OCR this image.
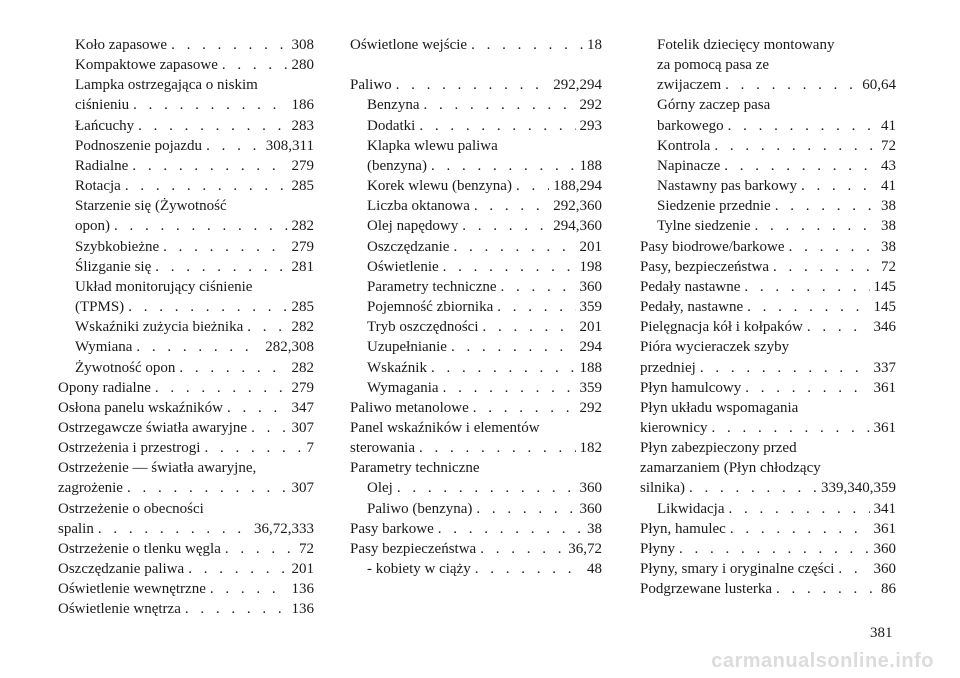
Koło zapasowe . . .	308
Kompaktowe zapasowe . . .	280
Lampka ostrzegająca o niskim
ciśnieniu . . .	186
Łańcuchy . . .	283
Podnoszenie pojazdu . . .	308,311
Radialne . . .	279
Rotacja . . .	285
Starzenie się (Żywotność
opon) . . .	282
Szybkobieżne . . .	279
Ślizganie się . . .	281
Układ monitorujący ciśnienie
(TPMS) . . .	285
Wskaźniki zużycia bieżnika . . .	282
Wymiana . . .	282,308
Żywotność opon . . .	282
Opony radialne . . .	279
Osłona panelu wskaźników . . .	347
Ostrzegawcze światła awaryjne . . .	307
Ostrzeżenia i przestrogi . . .	7
Ostrzeżenie — światła awaryjne,
zagrożenie . . .	307
Ostrzeżenie o obecności
spalin . . .	36,72,333
Ostrzeżenie o tlenku węgla . . .	72
Oszczędzanie paliwa . . .	201
Oświetlenie wewnętrzne . . .	136
Oświetlenie wnętrza . . .	136
Oświetlone wejście . . .	18

Paliwo . . .	292,294
Benzyna . . .	292
Dodatki . . .	293
Klapka wlewu paliwa
(benzyna) . . .	188
Korek wlewu (benzyna) . . .	188,294
Liczba oktanowa . . .	292,360
Olej napędowy . . .	294,360
Oszczędzanie . . .	201
Oświetlenie . . .	198
Parametry techniczne . . .	360
Pojemność zbiornika . . .	359
Tryb oszczędności . . .	201
Uzupełnianie . . .	294
Wskaźnik . . .	188
Wymagania . . .	359
Paliwo metanolowe . . .	292
Panel wskaźników i elementów
sterowania . . .	182
Parametry techniczne
Olej . . .	360
Paliwo (benzyna) . . .	360
Pasy barkowe . . .	38
Pasy bezpieczeństwa . . .	36,72
- kobiety w ciąży . . .	48
Fotelik dziecięcy montowany
za pomocą pasa ze
zwijaczem . . .	60,64
Górny zaczep pasa
barkowego . . .	41
Kontrola . . .	72
Napinacze . . .	43
Nastawny pas barkowy . . .	41
Siedzenie przednie . . .	38
Tylne siedzenie . . .	38
Pasy biodrowe/barkowe . . .	38
Pasy, bezpieczeństwa . . .	72
Pedały nastawne . . .	145
Pedały, nastawne . . .	145
Pielęgnacja kół i kołpaków . . .	346
Pióra wycieraczek szyby
przedniej . . .	337
Płyn hamulcowy . . .	361
Płyn układu wspomagania
kierownicy . . .	361
Płyn zabezpieczony przed
zamarzaniem (Płyn chłodzący
silnika) . . .	339,340,359
Likwidacja . . .	341
Płyn, hamulec . . .	361
Płyny . . .	360
Płyny, smary i oryginalne części . . .	360
Podgrzewane lusterka . . .	86
381
carmanualsonline.info
